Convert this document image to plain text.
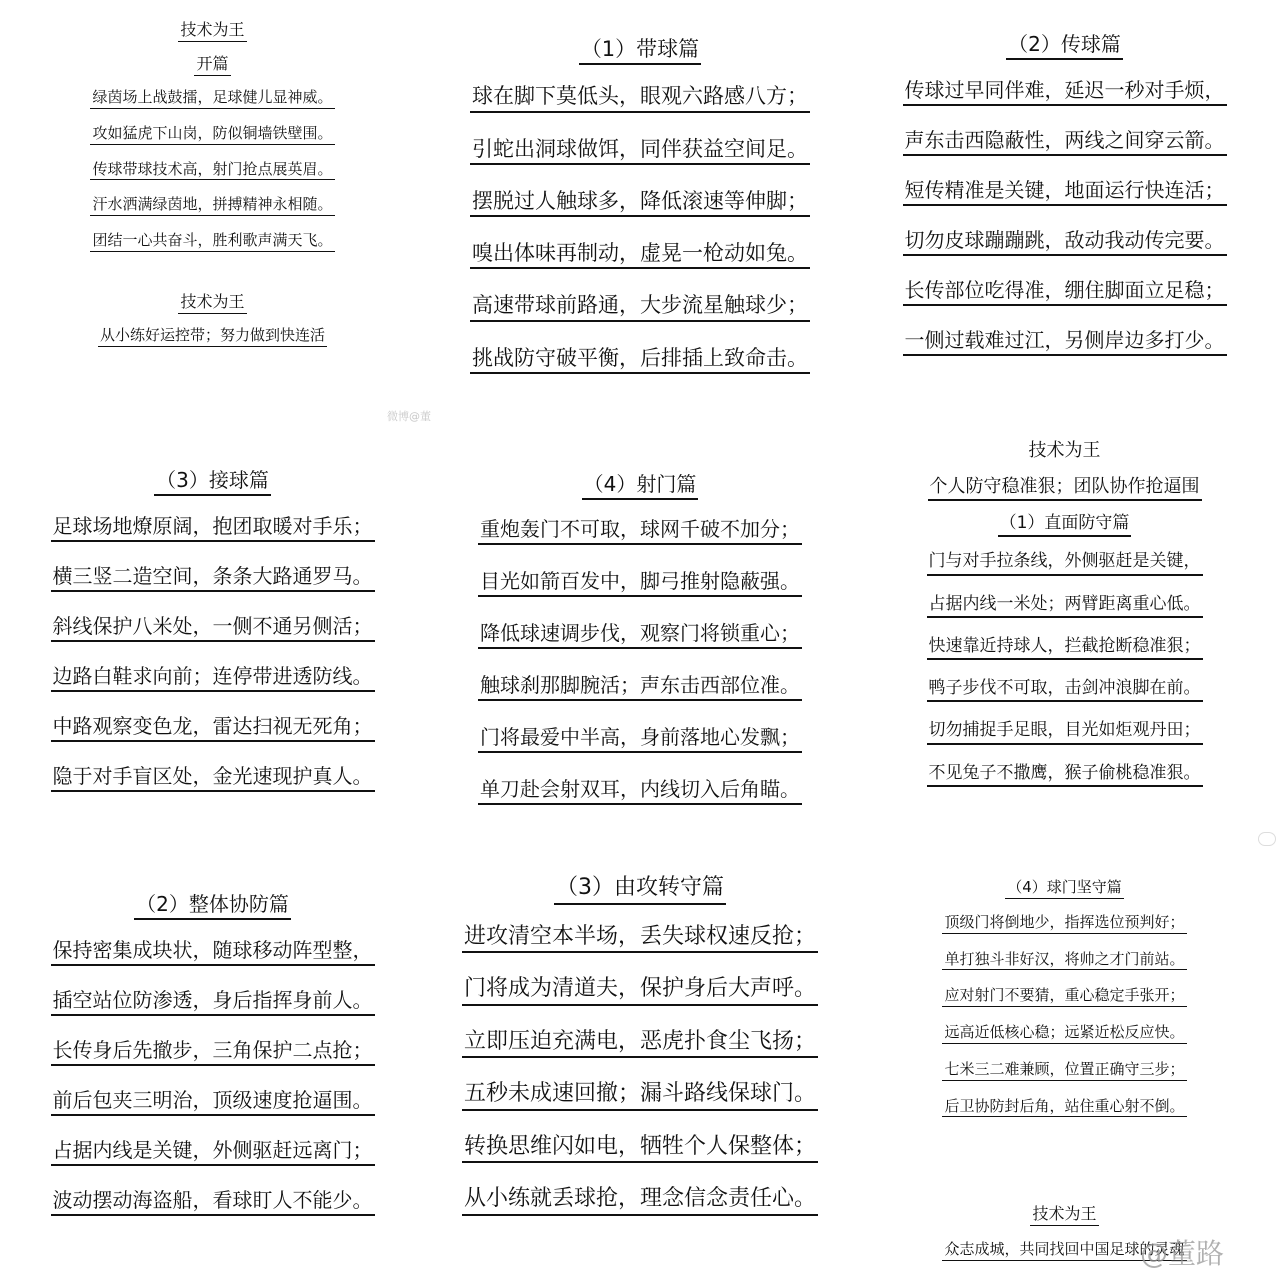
技术为王
开篇
绿茵场上战鼓擂，足球健儿显神威。
攻如猛虎下山岗，防似铜墙铁壁围。
传球带球技术高，射门抢点展英眉。
汗水洒满绿茵地，拼搏精神永相随。
团结一心共奋斗，胜利歌声满天飞。
技术为王
从小练好运控带；努力做到快连活
（1）带球篇
球在脚下莫低头，眼观六路感八方；
引蛇出洞球做饵，同伴获益空间足。
摆脱过人触球多，降低滚速等伸脚；
嗅出体味再制动，虚晃一枪动如兔。
高速带球前路通，大步流星触球少；
挑战防守破平衡，后排插上致命击。
（2）传球篇
传球过早同伴难，延迟一秒对手烦，
声东击西隐蔽性，两线之间穿云箭。
短传精准是关键，地面运行快连活；
切勿皮球蹦蹦跳，敌动我动传完要。
长传部位吃得准，绷住脚面立足稳；
一侧过载难过江，另侧岸边多打少。
（3）接球篇
足球场地燎原阔，抱团取暖对手乐；
横三竖二造空间，条条大路通罗马。
斜线保护八米处，一侧不通另侧活；
边路白鞋求向前；连停带进透防线。
中路观察变色龙，雷达扫视无死角；
隐于对手盲区处，金光速现护真人。
（4）射门篇
重炮轰门不可取，球网千破不加分；
目光如箭百发中，脚弓推射隐蔽强。
降低球速调步伐，观察门将锁重心；
触球刹那脚腕活；声东击西部位准。
门将最爱中半高，身前落地心发飘；
单刀赴会射双耳，内线切入后角瞄。
技术为王
个人防守稳准狠；团队协作抢逼围
（1）直面防守篇
门与对手拉条线，外侧驱赶是关键，
占据内线一米处；两臂距离重心低。
快速靠近持球人，拦截抢断稳准狠；
鸭子步伐不可取，击剑冲浪脚在前。
切勿捕捉手足眼，目光如炬观丹田；
不见兔子不撒鹰，猴子偷桃稳准狠。
（2）整体协防篇
保持密集成块状，随球移动阵型整，
插空站位防渗透，身后指挥身前人。
长传身后先撤步，三角保护二点抢；
前后包夹三明治，顶级速度抢逼围。
占据内线是关键，外侧驱赶远离门；
波动摆动海盗船，看球盯人不能少。
（3）由攻转守篇
进攻清空本半场，丢失球权速反抢；
门将成为清道夫，保护身后大声呼。
立即压迫充满电，恶虎扑食尘飞扬；
五秒未成速回撤；漏斗路线保球门。
转换思维闪如电，牺牲个人保整体；
从小练就丢球抢，理念信念责任心。
（4）球门坚守篇
顶级门将倒地少，指挥选位预判好；
单打独斗非好汉，将帅之才门前站。
应对射门不要猜，重心稳定手张开；
远高近低核心稳；远紧近松反应快。
七米三二难兼顾，位置正确守三步；
后卫协防封后角，站住重心射不倒。
技术为王
众志成城，共同找回中国足球的灵魂
微博@董
@董路
